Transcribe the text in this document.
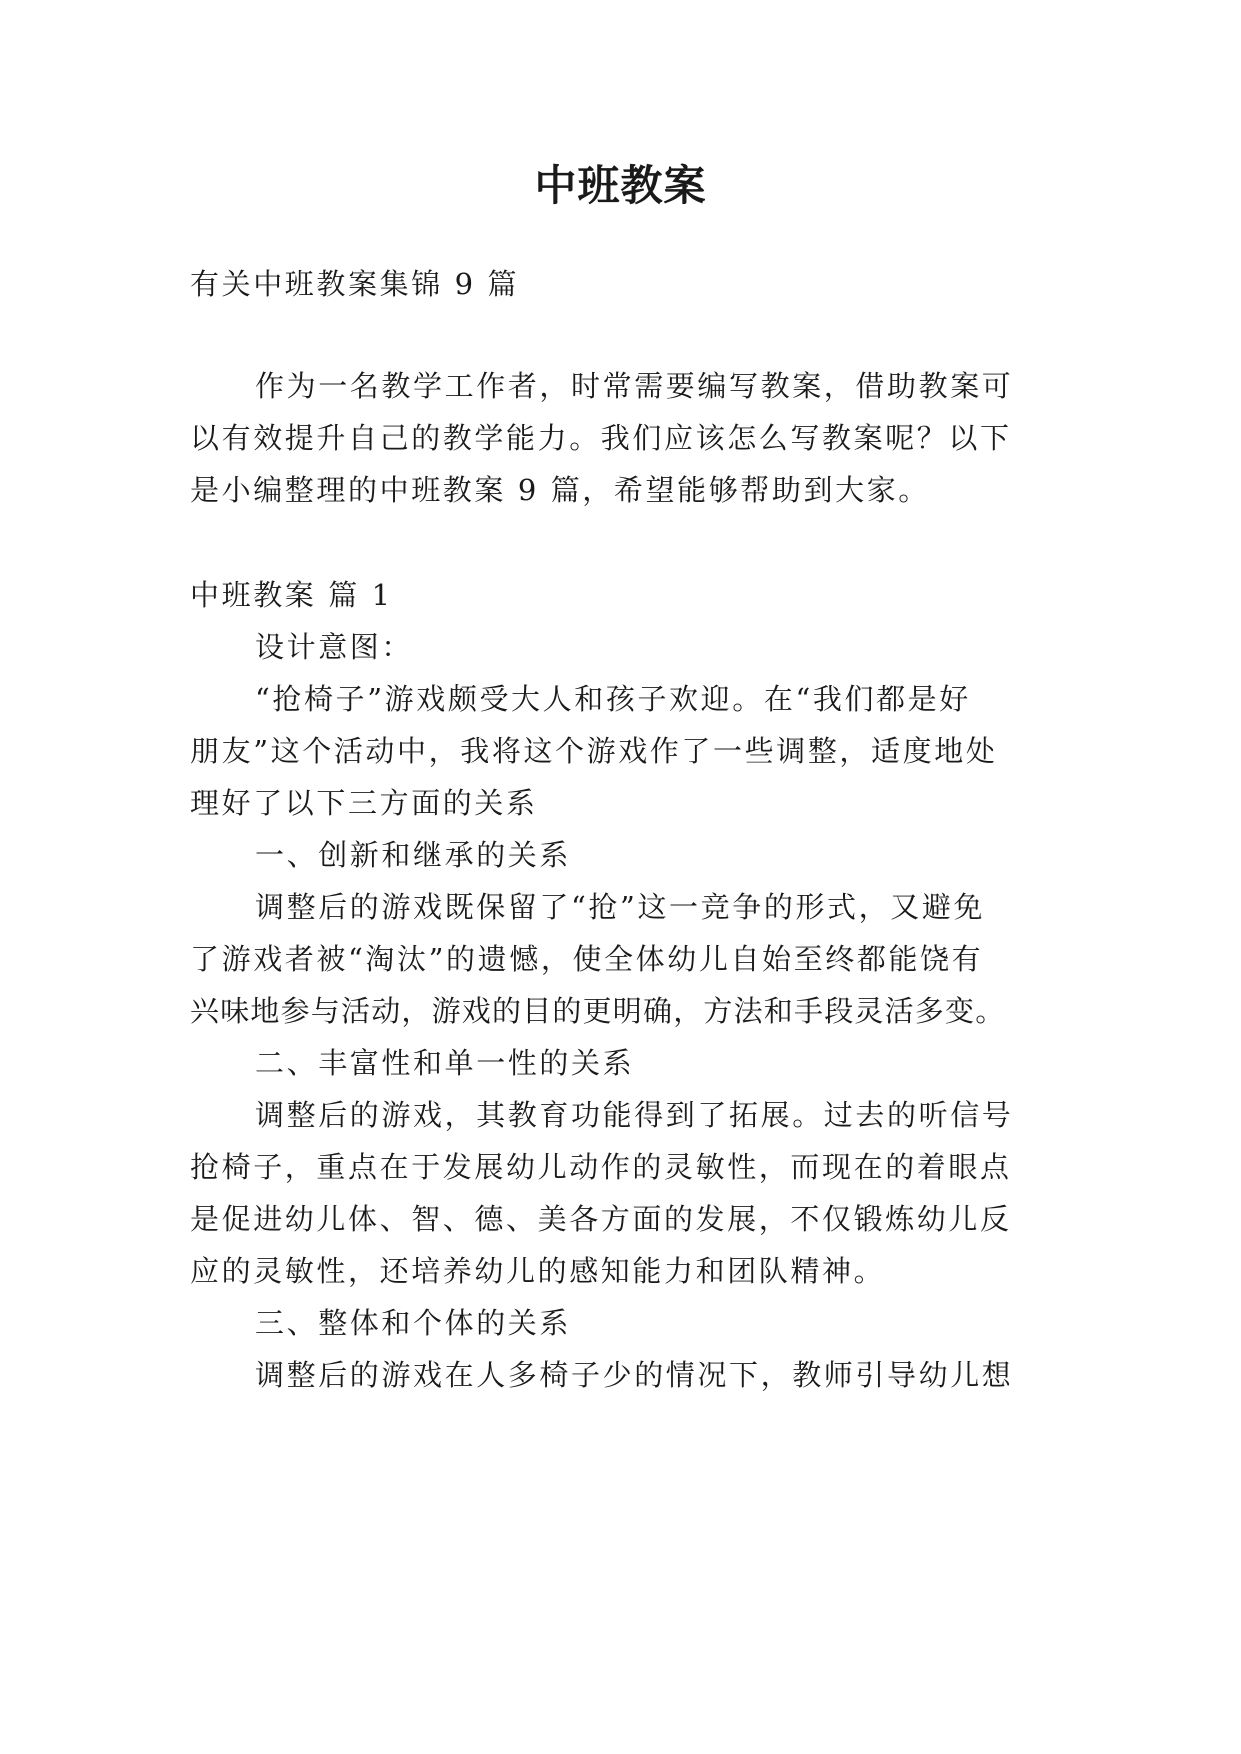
中班教案
有关中班教案集锦 9 篇
作为一名教学工作者，时常需要编写教案，借助教案可
以有效提升自己的教学能力。我们应该怎么写教案呢？以下
是小编整理的中班教案 9 篇，希望能够帮助到大家。
中班教案 篇 1
设计意图：
“抢椅子”游戏颇受大人和孩子欢迎。在“我们都是好
朋友”这个活动中，我将这个游戏作了一些调整，适度地处
理好了以下三方面的关系
一、创新和继承的关系
调整后的游戏既保留了“抢”这一竞争的形式，又避免
了游戏者被“淘汰”的遗憾，使全体幼儿自始至终都能饶有
兴味地参与活动，游戏的目的更明确，方法和手段灵活多变。
二、丰富性和单一性的关系
调整后的游戏，其教育功能得到了拓展。过去的听信号
抢椅子，重点在于发展幼儿动作的灵敏性，而现在的着眼点
是促进幼儿体、智、德、美各方面的发展，不仅锻炼幼儿反
应的灵敏性，还培养幼儿的感知能力和团队精神。
三、整体和个体的关系
调整后的游戏在人多椅子少的情况下，教师引导幼儿想
